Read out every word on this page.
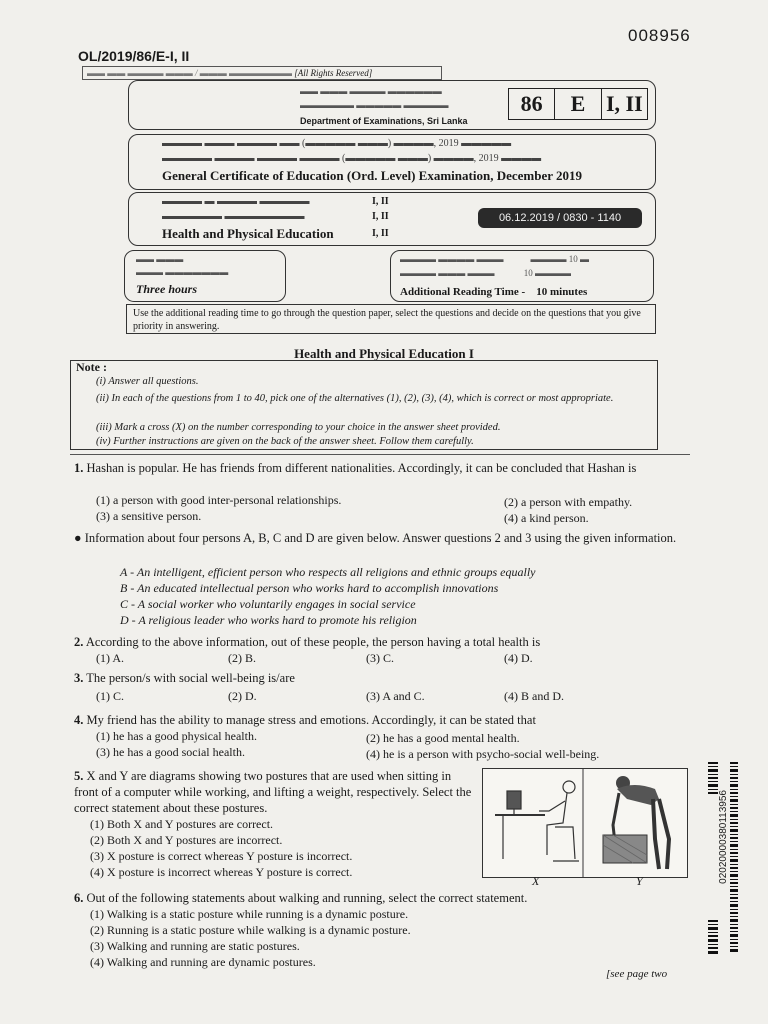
008956
OL/2019/86/E-I, II
▬▬ ▬▬ ▬▬▬▬ ▬▬▬ / ▬▬▬ ▬▬▬▬▬▬▬ [All Rights Reserved]
▬▬ ▬▬▬ ▬▬▬▬ ▬▬▬▬▬▬
▬▬▬▬▬▬ ▬▬▬▬▬ ▬▬▬▬▬
Department of Examinations, Sri Lanka
86	E I, II
▬▬▬▬ ▬▬▬ ▬▬▬▬ ▬▬ (▬▬▬▬▬ ▬▬▬) ▬▬▬▬, 2019 ▬▬▬▬▬
▬▬▬▬▬ ▬▬▬▬ ▬▬▬▬ ▬▬▬▬ (▬▬▬▬▬ ▬▬▬) ▬▬▬▬, 2019 ▬▬▬▬
General Certificate of Education (Ord. Level) Examination, December 2019
▬▬▬▬ ▬ ▬▬▬▬ ▬▬▬▬▬
▬▬▬▬▬▬ ▬▬▬▬▬▬▬▬
Health and Physical Education
I, II
I, II
I, II
06.12.2019 / 0830 - 1140
▬▬ ▬▬▬
▬▬▬ ▬▬▬▬▬▬▬
Three hours
▬▬▬▬ ▬▬▬▬ ▬▬▬            ▬▬▬▬ 10 ▬
▬▬▬▬ ▬▬▬ ▬▬▬             10 ▬▬▬▬
Additional Reading Time -    10 minutes
Use the additional reading time to go through the question paper, select the questions and decide on the questions that you give priority in answering.
Health and Physical Education I
Note :
(i) Answer all questions.
(ii) In each of the questions from 1 to 40, pick one of the alternatives (1), (2), (3), (4), which is correct or most appropriate.
(iii) Mark a cross (X) on the number corresponding to your choice in the answer sheet provided.
(iv) Further instructions are given on the back of the answer sheet. Follow them carefully.
1. Hashan is popular. He has friends from different nationalities. Accordingly, it can be concluded that Hashan is
(1) a person with good inter-personal relationships.	(2) a person with empathy.
(3) a sensitive person.	(4) a kind person.
● Information about four persons A, B, C and D are given below. Answer questions 2 and 3 using the given information.
A - An intelligent, efficient person who respects all religions and ethnic groups equally
B - An educated intellectual person who works hard to accomplish innovations
C - A social worker who voluntarily engages in social service
D - A religious leader who works hard to promote his religion
2. According to the above information, out of these people, the person having a total health is
(1) A.	(2) B.	(3) C.	(4) D.
3. The person/s with social well-being is/are
(1) C.	(2) D.	(3) A and C.	(4) B and D.
4. My friend has the ability to manage stress and emotions. Accordingly, it can be stated that
(1) he has a good physical health.	(2) he has a good mental health.
(3) he has a good social health.	(4) he is a person with psycho-social well-being.
5. X and Y are diagrams showing two postures that are used when sitting in front of a computer while working, and lifting a weight, respectively. Select the correct statement about these postures.
(1) Both X and Y postures are correct.
(2) Both X and Y postures are incorrect.
(3) X posture is correct whereas Y posture is incorrect.
(4) X posture is incorrect whereas Y posture is correct.
X	Y
6. Out of the following statements about walking and running, select the correct statement.
(1) Walking is a static posture while running is a dynamic posture.
(2) Running is a static posture while walking is a dynamic posture.
(3) Walking and running are static postures.
(4) Walking and running are dynamic postures.
[see page two
02020000380113956
